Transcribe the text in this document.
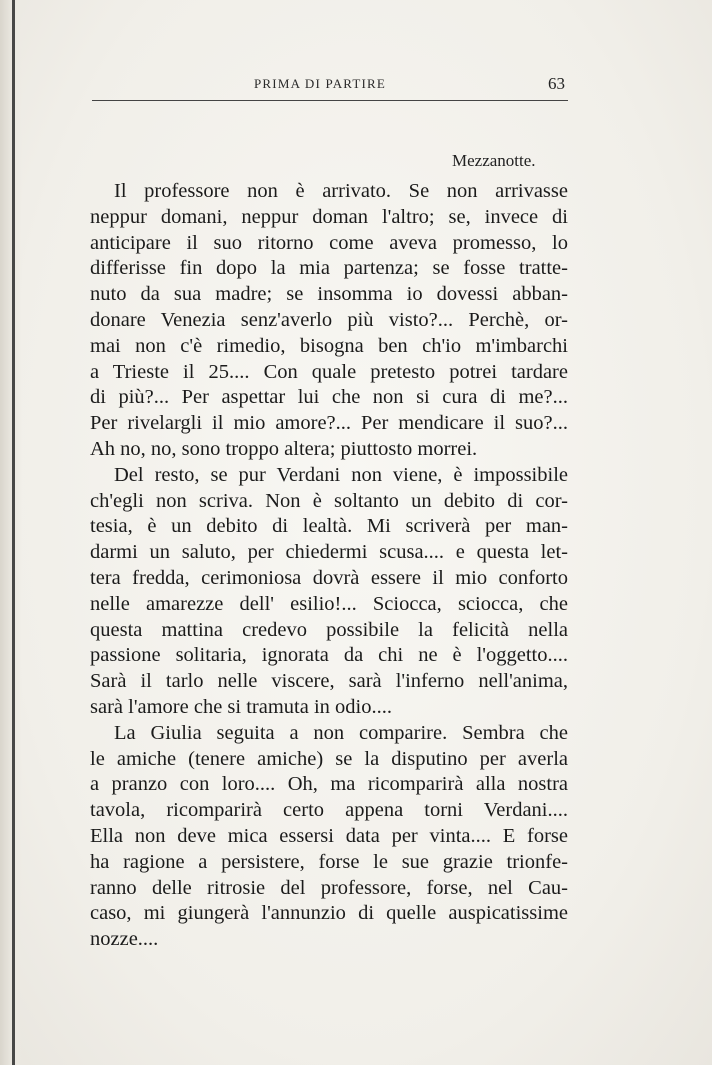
PRIMA DI PARTIRE	63
Mezzanotte.
Il professore non è arrivato. Se non arrivasse
neppur domani, neppur doman l'altro; se, invece di
anticipare il suo ritorno come aveva promesso, lo
differisse fin dopo la mia partenza; se fosse tratte-
nuto da sua madre; se insomma io dovessi abban-
donare Venezia senz'averlo più visto?... Perchè, or-
mai non c'è rimedio, bisogna ben ch'io m'imbarchi
a Trieste il 25.... Con quale pretesto potrei tardare
di più?... Per aspettar lui che non si cura di me?...
Per rivelargli il mio amore?... Per mendicare il suo?...
Ah no, no, sono troppo altera; piuttosto morrei.
Del resto, se pur Verdani non viene, è impossibile
ch'egli non scriva. Non è soltanto un debito di cor-
tesia, è un debito di lealtà. Mi scriverà per man-
darmi un saluto, per chiedermi scusa.... e questa let-
tera fredda, cerimoniosa dovrà essere il mio conforto
nelle amarezze dell' esilio!... Sciocca, sciocca, che
questa mattina credevo possibile la felicità nella
passione solitaria, ignorata da chi ne è l'oggetto....
Sarà il tarlo nelle viscere, sarà l'inferno nell'anima,
sarà l'amore che si tramuta in odio....
La Giulia seguita a non comparire. Sembra che
le amiche (tenere amiche) se la disputino per averla
a pranzo con loro.... Oh, ma ricomparirà alla nostra
tavola, ricomparirà certo appena torni Verdani....
Ella non deve mica essersi data per vinta.... E forse
ha ragione a persistere, forse le sue grazie trionfe-
ranno delle ritrosie del professore, forse, nel Cau-
caso, mi giungerà l'annunzio di quelle auspicatissime
nozze....
